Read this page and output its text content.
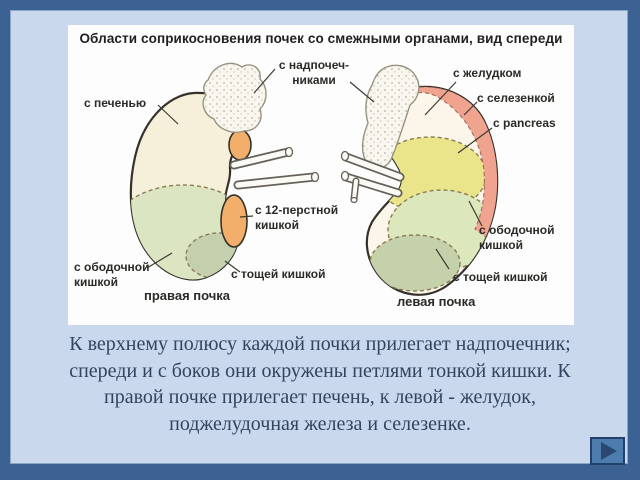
Области соприкосновения почек со смежными органами, вид спереди
с надпочеч-
никами
с печенью
с желудком
с селезенкой
с pancreas
с 12-перстной
кишкой
с ободочной
кишкой
с тощей кишкой
с ободочной
кишкой
с тощей кишкой
правая почка	левая почка
К верхнему полюсу каждой почки прилегает надпочечник; спереди и с боков они окружены петлями тонкой кишки. К правой почке прилегает печень, к левой - желудок, поджелудочная железа и селезенке.
